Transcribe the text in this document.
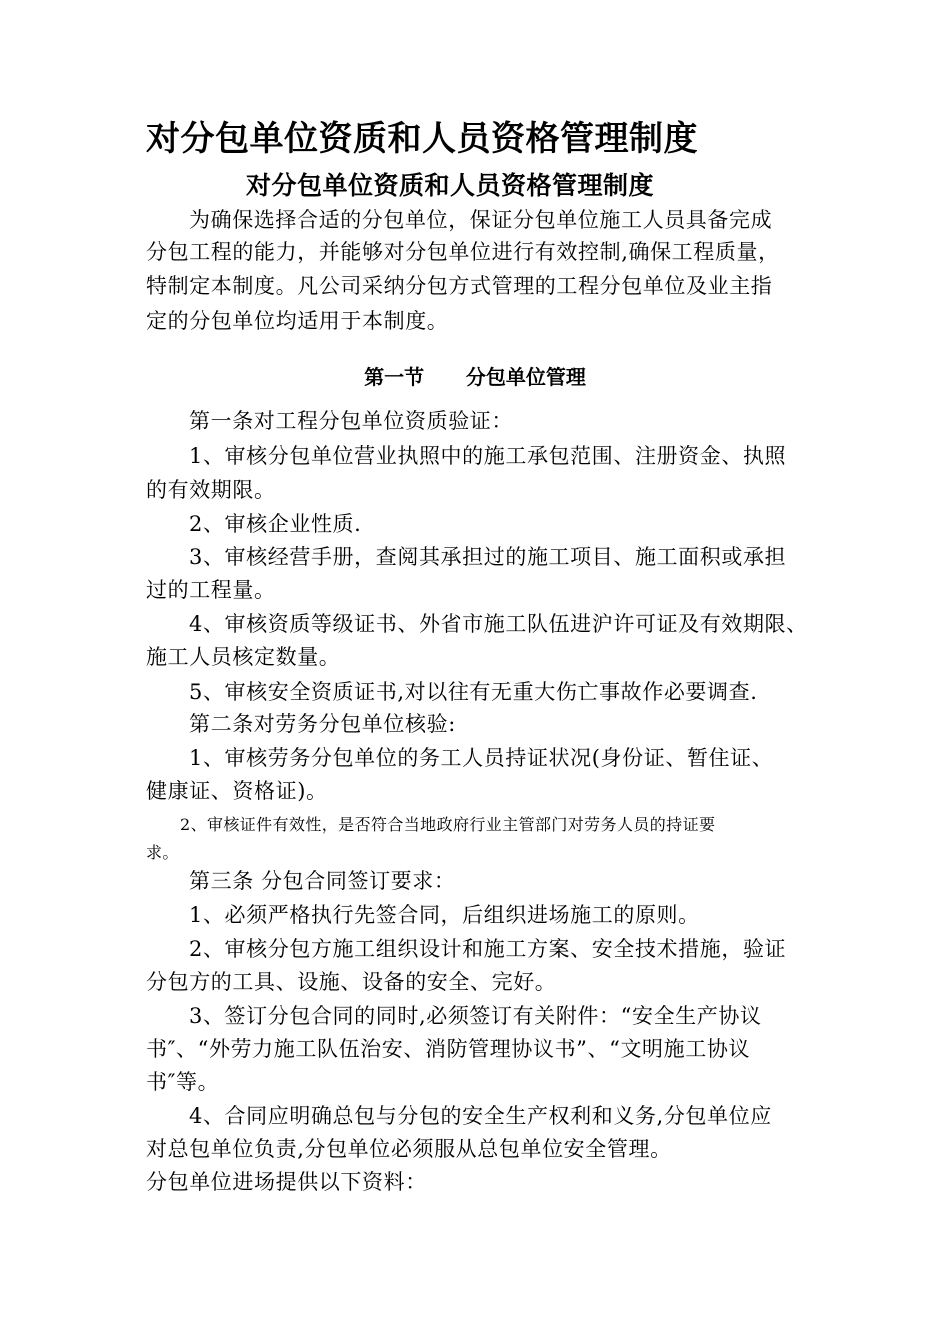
对分包单位资质和人员资格管理制度
对分包单位资质和人员资格管理制度
为确保选择合适的分包单位，保证分包单位施工人员具备完成
分包工程的能力，并能够对分包单位进行有效控制,确保工程质量，
特制定本制度。凡公司采纳分包方式管理的工程分包单位及业主指
定的分包单位均适用于本制度。
第一节      分包单位管理
第一条对工程分包单位资质验证：
1、审核分包单位营业执照中的施工承包范围、注册资金、执照
的有效期限。
2、审核企业性质.
3、审核经营手册，查阅其承担过的施工项目、施工面积或承担
过的工程量。
4、审核资质等级证书、外省市施工队伍进沪许可证及有效期限、
施工人员核定数量。
5、审核安全资质证书,对以往有无重大伤亡事故作必要调查.
第二条对劳务分包单位核验:
1、审核劳务分包单位的务工人员持证状况(身份证、暂住证、
健康证、资格证)。
2、审核证件有效性，是否符合当地政府行业主管部门对劳务人员的持证要
求。
第三条 分包合同签订要求：
1、必须严格执行先签合同，后组织进场施工的原则。
2、审核分包方施工组织设计和施工方案、安全技术措施，验证
分包方的工具、设施、设备的安全、完好。
3、签订分包合同的同时,必须签订有关附件：“安全生产协议
书″、“外劳力施工队伍治安、消防管理协议书”、“文明施工协议
书″等。
4、合同应明确总包与分包的安全生产权利和义务,分包单位应
对总包单位负责,分包单位必须服从总包单位安全管理。
分包单位进场提供以下资料：
